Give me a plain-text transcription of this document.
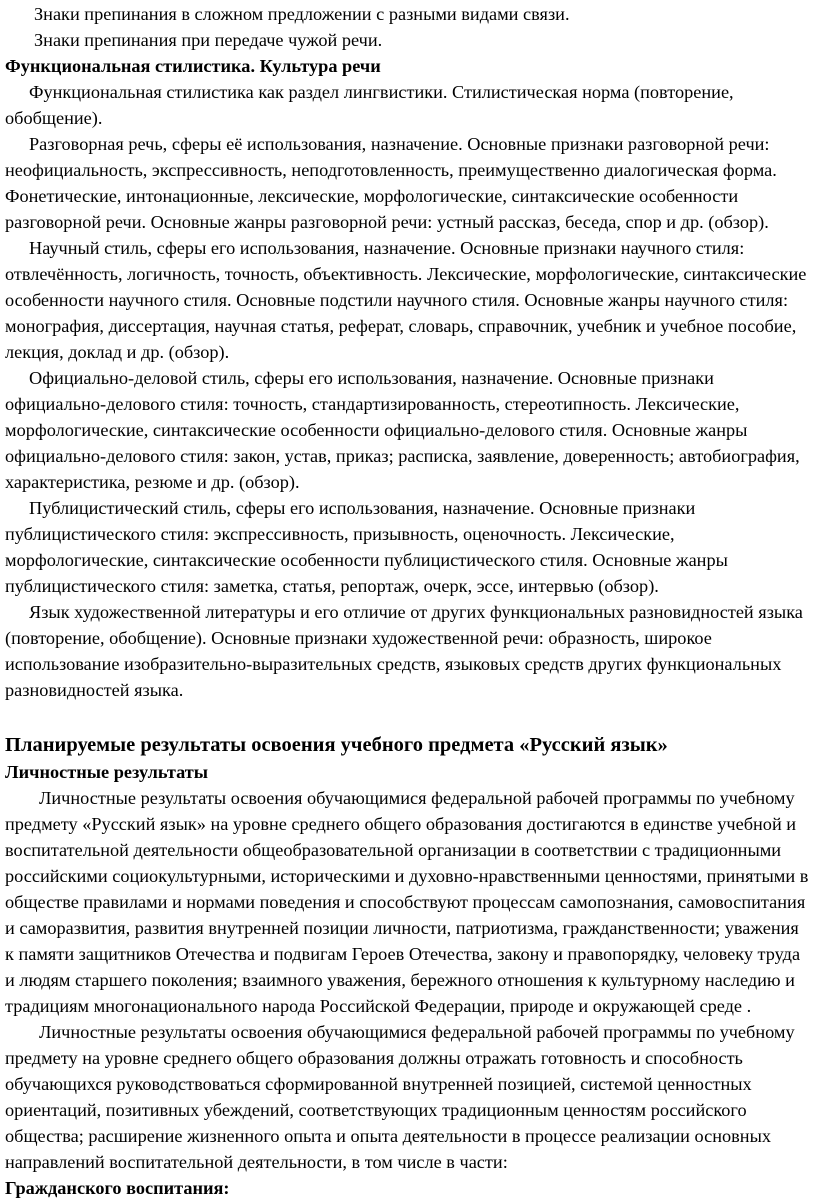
Знаки препинания в сложном предложении с разными видами связи.

Знаки препинания при передаче чужой речи.

Функциональная стилистика. Культура речи

Функциональная стилистика как раздел лингвистики. Стилистическая норма (повторение, обобщение).

Разговорная речь, сферы её использования, назначение. Основные признаки разговорной речи: неофициальность, экспрессивность, неподготовленность, преимущественно диалогическая форма. Фонетические, интонационные, лексические, морфологические, синтаксические особенности разговорной речи. Основные жанры разговорной речи: устный рассказ, беседа, спор и др. (обзор).

Научный стиль, сферы его использования, назначение. Основные признаки научного стиля: отвлечённость, логичность, точность, объективность. Лексические, морфологические, синтаксические особенности научного стиля. Основные подстили научного стиля. Основные жанры научного стиля: монография, диссертация, научная статья, реферат, словарь, справочник, учебник и учебное пособие, лекция, доклад и др. (обзор).

Официально-деловой стиль, сферы его использования, назначение. Основные признаки официально-делового стиля: точность, стандартизированность, стереотипность. Лексические, морфологические, синтаксические особенности официально-делового стиля. Основные жанры официально-делового стиля: закон, устав, приказ; расписка, заявление, доверенность; автобиография, характеристика, резюме и др. (обзор).

Публицистический стиль, сферы его использования, назначение. Основные признаки публицистического стиля: экспрессивность, призывность, оценочность. Лексические, морфологические, синтаксические особенности публицистического стиля. Основные жанры публицистического стиля: заметка, статья, репортаж, очерк, эссе, интервью (обзор).

Язык художественной литературы и его отличие от других функциональных разновидностей языка (повторение, обобщение). Основные признаки художественной речи: образность, широкое использование изобразительно-выразительных средств, языковых средств других функциональных разновидностей языка.

Планируемые результаты освоения учебного предмета «Русский язык»

Личностные результаты

Личностные результаты освоения обучающимися федеральной рабочей программы по учебному предмету «Русский язык» на уровне среднего общего образования достигаются в единстве учебной и воспитательной деятельности общеобразовательной организации в соответствии с традиционными российскими социокультурными, историческими и духовно-нравственными ценностями, принятыми в обществе правилами и нормами поведения и способствуют процессам самопознания, самовоспитания и саморазвития, развития внутренней позиции личности, патриотизма, гражданственности; уважения к памяти защитников Отечества и подвигам Героев Отечества, закону и правопорядку, человеку труда и людям старшего поколения; взаимного уважения, бережного отношения к культурному наследию и традициям многонационального народа Российской Федерации, природе и окружающей среде .

Личностные результаты освоения обучающимися федеральной рабочей программы по учебному предмету на уровне среднего общего образования должны отражать готовность и способность обучающихся руководствоваться сформированной внутренней позицией, системой ценностных ориентаций, позитивных убеждений, соответствующих традиционным ценностям российского общества; расширение жизненного опыта и опыта деятельности в процессе реализации основных направлений воспитательной деятельности, в том числе в части:

Гражданского воспитания:
